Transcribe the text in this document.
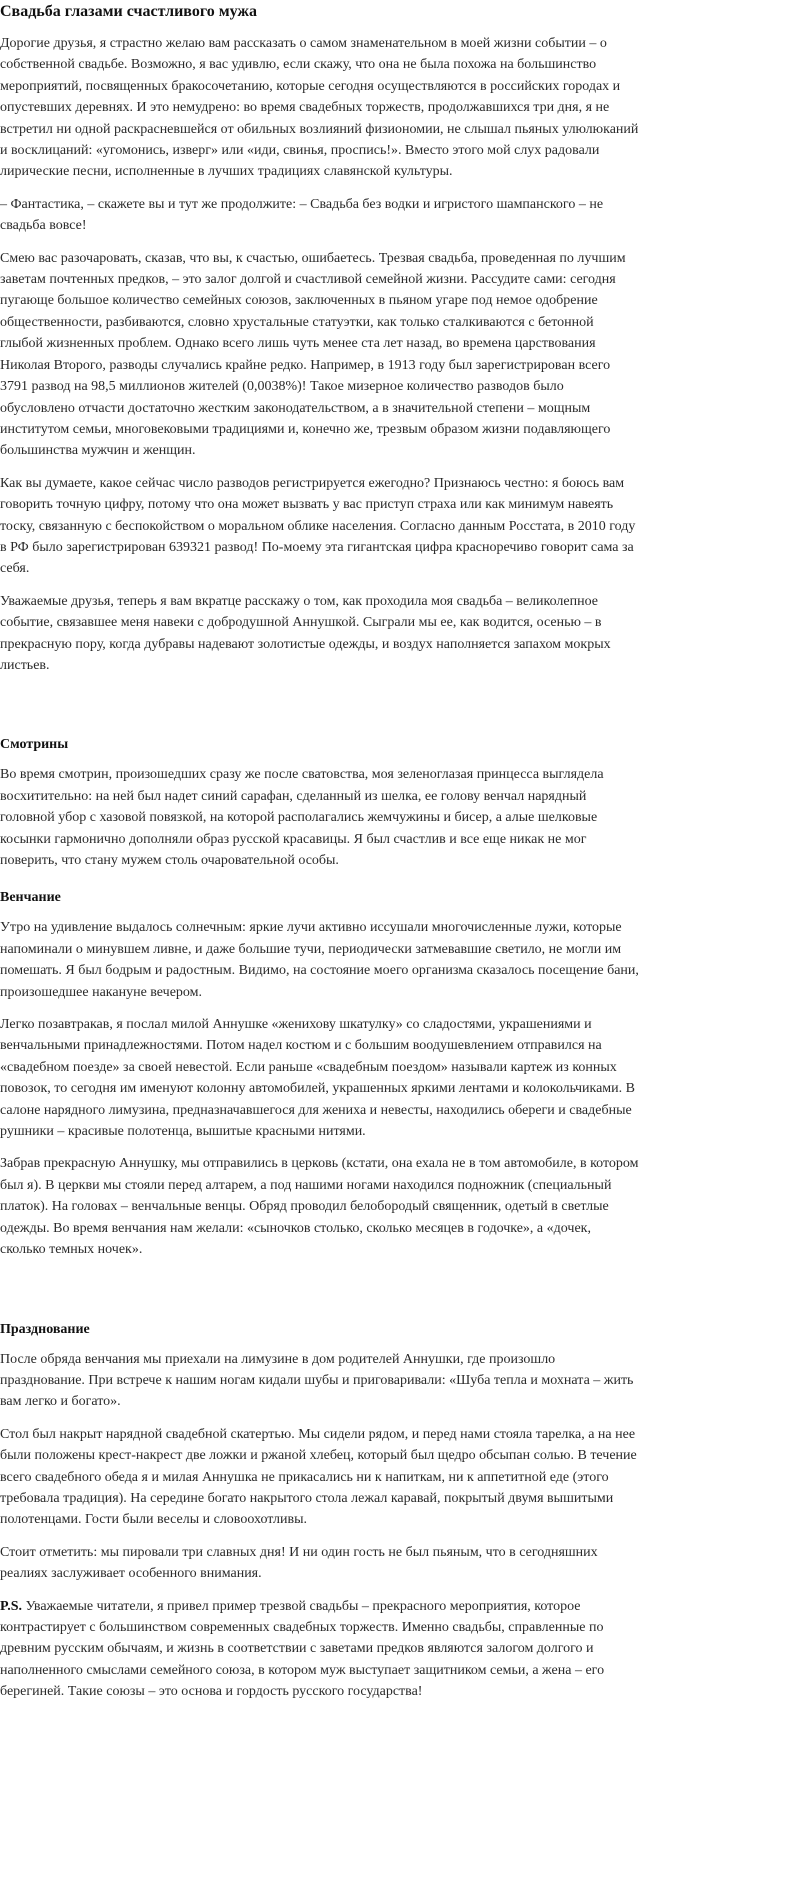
Свадьба глазами счастливого мужа

Дорогие друзья, я страстно желаю вам рассказать о самом знаменательном в моей жизни событии – о собственной свадьбе. Возможно, я вас удивлю, если скажу, что она не была похожа на большинство мероприятий, посвященных бракосочетанию, которые сегодня осуществляются в российских городах и опустевших деревнях. И это немудрено: во время свадебных торжеств, продолжавшихся три дня, я не встретил ни одной раскрасневшейся от обильных возлияний физиономии, не слышал пьяных улюлюканий и восклицаний: «угомонись, изверг» или «иди, свинья, проспись!». Вместо этого мой слух радовали лирические песни, исполненные в лучших традициях славянской культуры.

– Фантастика, – скажете вы и тут же продолжите: – Свадьба без водки и игристого шампанского – не свадьба вовсе!

Смею вас разочаровать, сказав, что вы, к счастью, ошибаетесь. Трезвая свадьба, проведенная по лучшим заветам почтенных предков, – это залог долгой и счастливой семейной жизни. Рассудите сами: сегодня пугающе большое количество семейных союзов, заключенных в пьяном угаре под немое одобрение общественности, разбиваются, словно хрустальные статуэтки, как только сталкиваются с бетонной глыбой жизненных проблем. Однако всего лишь чуть менее ста лет назад, во времена царствования Николая Второго, разводы случались крайне редко. Например, в 1913 году был зарегистрирован всего 3791 развод на 98,5 миллионов жителей (0,0038%)! Такое мизерное количество разводов было обусловлено отчасти достаточно жестким законодательством, а в значительной степени – мощным институтом семьи, многовековыми традициями и, конечно же, трезвым образом жизни подавляющего большинства мужчин и женщин.

Как вы думаете, какое сейчас число разводов регистрируется ежегодно? Признаюсь честно: я боюсь вам говорить точную цифру, потому что она может вызвать у вас приступ страха или как минимум навеять тоску, связанную с беспокойством о моральном облике населения. Согласно данным Росстата, в 2010 году в РФ было зарегистрирован 639321 развод! По-моему эта гигантская цифра красноречиво говорит сама за себя.

Уважаемые друзья, теперь я вам вкратце расскажу о том, как проходила моя свадьба – великолепное событие, связавшее меня навеки с добродушной Аннушкой. Сыграли мы ее, как водится, осенью – в прекрасную пору, когда дубравы надевают золотистые одежды, и воздух наполняется запахом мокрых листьев.

Смотрины

Во время смотрин, произошедших сразу же после сватовства, моя зеленоглазая принцесса выглядела восхитительно: на ней был надет синий сарафан, сделанный из шелка, ее голову венчал нарядный головной убор с хазовой повязкой, на которой располагались жемчужины и бисер, а алые шелковые косынки гармонично дополняли образ русской красавицы. Я был счастлив и все еще никак не мог поверить, что стану мужем столь очаровательной особы.

Венчание

Утро на удивление выдалось солнечным: яркие лучи активно иссушали многочисленные лужи, которые напоминали о минувшем ливне, и даже большие тучи, периодически затмевавшие светило, не могли им помешать. Я был бодрым и радостным. Видимо, на состояние моего организма сказалось посещение бани, произошедшее накануне вечером.

Легко позавтракав, я послал милой Аннушке «женихову шкатулку» со сладостями, украшениями и венчальными принадлежностями. Потом надел костюм и с большим воодушевлением отправился на «свадебном поезде» за своей невестой. Если раньше «свадебным поездом» называли картеж из конных повозок, то сегодня им именуют колонну автомобилей, украшенных яркими лентами и колокольчиками. В салоне нарядного лимузина, предназначавшегося для жениха и невесты, находились обереги и свадебные рушники – красивые полотенца, вышитые красными нитями.

Забрав прекрасную Аннушку, мы отправились в церковь (кстати, она ехала не в том автомобиле, в котором был я). В церкви мы стояли перед алтарем, а под нашими ногами находился подножник (специальный платок). На головах – венчальные венцы. Обряд проводил белобородый священник, одетый в светлые одежды. Во время венчания нам желали: «сыночков столько, сколько месяцев в годочке», а «дочек, сколько темных ночек».

Празднование

После обряда венчания мы приехали на лимузине в дом родителей Аннушки, где произошло празднование. При встрече к нашим ногам кидали шубы и приговаривали: «Шуба тепла и мохната – жить вам легко и богато».

Стол был накрыт нарядной свадебной скатертью. Мы сидели рядом, и перед нами стояла тарелка, а на нее были положены крест-накрест две ложки и ржаной хлебец, который был щедро обсыпан солью. В течение всего свадебного обеда я и милая Аннушка не прикасались ни к напиткам, ни к аппетитной еде (этого требовала традиция). На середине богато накрытого стола лежал каравай, покрытый двумя вышитыми полотенцами. Гости были веселы и словоохотливы.

Стоит отметить: мы пировали три славных дня! И ни один гость не был пьяным, что в сегодняшних реалиях заслуживает особенного внимания.

P.S. Уважаемые читатели, я привел пример трезвой свадьбы – прекрасного мероприятия, которое контрастирует с большинством современных свадебных торжеств. Именно свадьбы, справленные по древним русским обычаям, и жизнь в соответствии с заветами предков являются залогом долгого и наполненного смыслами семейного союза, в котором муж выступает защитником семьи, а жена – его берегиней. Такие союзы – это основа и гордость русского государства!
